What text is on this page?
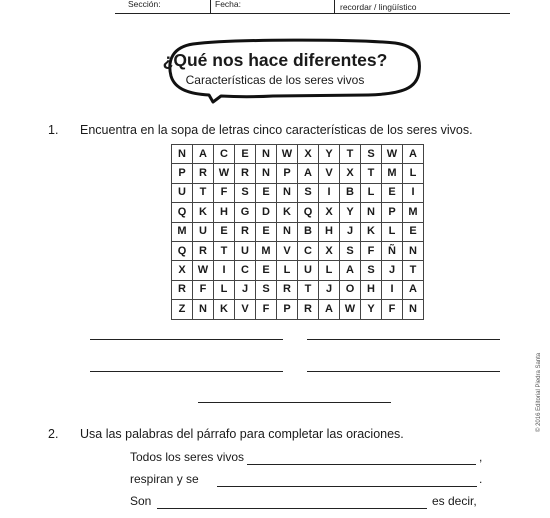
Sección:	Fecha:	recordar / lingüístico
¿Qué nos hace diferentes?
Características de los seres vivos
1. Encuentra en la sopa de letras cinco características de los seres vivos.
N	A	C	E	N	W	X	Y	T	S	W	A
P	R	W	R	N	P	A	V	X	T	M	L
U	T	F	S	E	N	S	I	B	L	E	I
Q	K	H	G	D	K	Q	X	Y	N	P	M
M	U	E	R	E	N	B	H	J	K	L	E
Q	R	T	U	M	V	C	X	S	F	Ñ	N
X	W	I	C	E	L	U	L	A	S	J	T
R	F	L	J	S	R	T	J	O	H	I	A
Z	N	K	V	F	P	R	A	W	Y	F	N
2. Usa las palabras del párrafo para completar las oraciones.
Todos los seres vivos	,
respiran y se	.
Son	es decir,
© 2016 Editorial Piedra Santa
